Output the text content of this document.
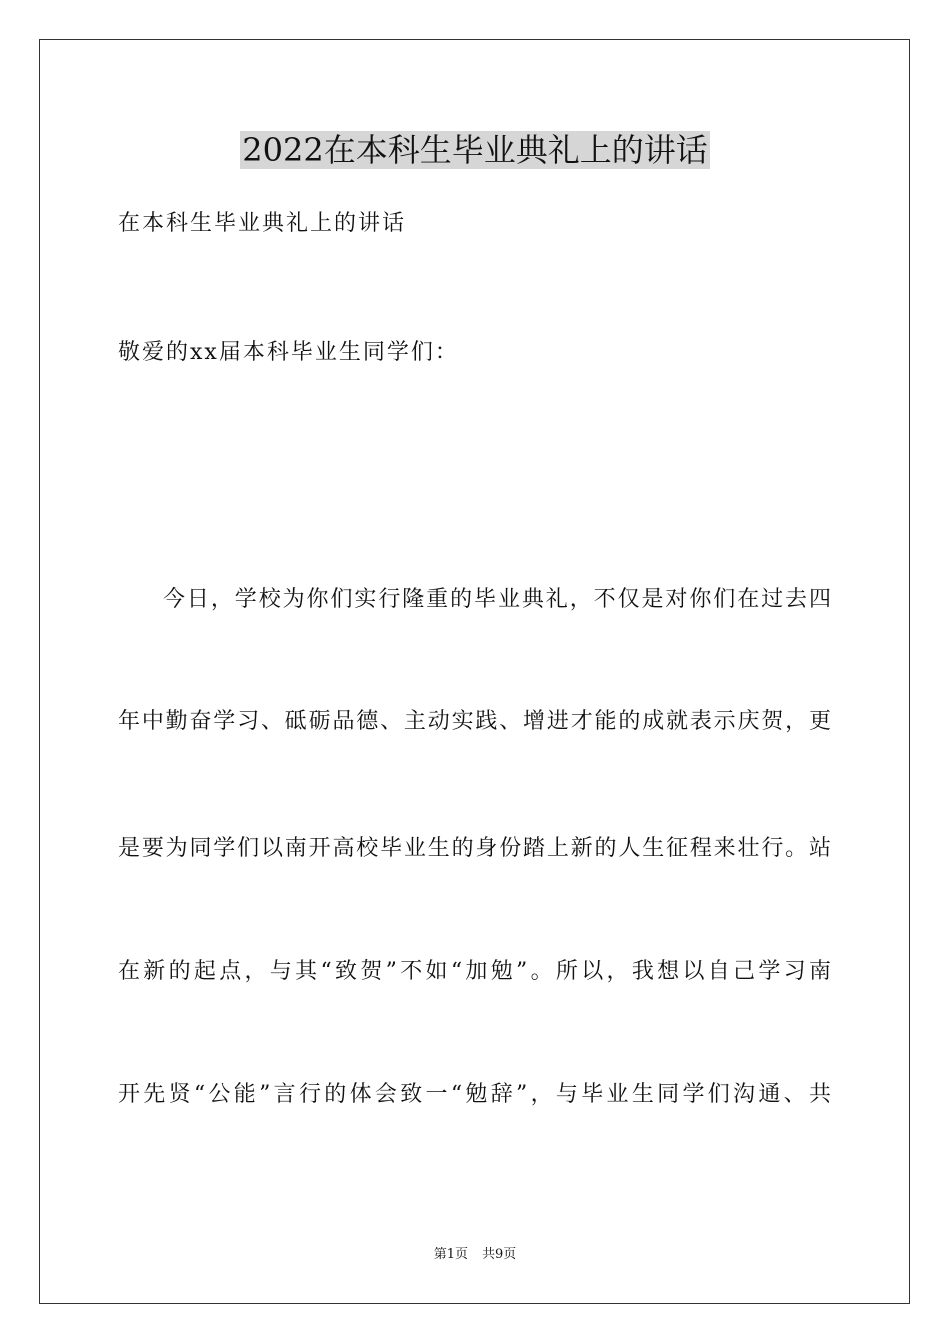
2022在本科生毕业典礼上的讲话
在本科生毕业典礼上的讲话
敬爱的xx届本科毕业生同学们：
今日，学校为你们实行隆重的毕业典礼，不仅是对你们在过去四
年中勤奋学习、砥砺品德、主动实践、增进才能的成就表示庆贺，更
是要为同学们以南开高校毕业生的身份踏上新的人生征程来壮行。站
在新的起点，与其“致贺”不如“加勉”。所以，我想以自己学习南
开先贤“公能”言行的体会致一“勉辞”，与毕业生同学们沟通、共
第1页 共9页
